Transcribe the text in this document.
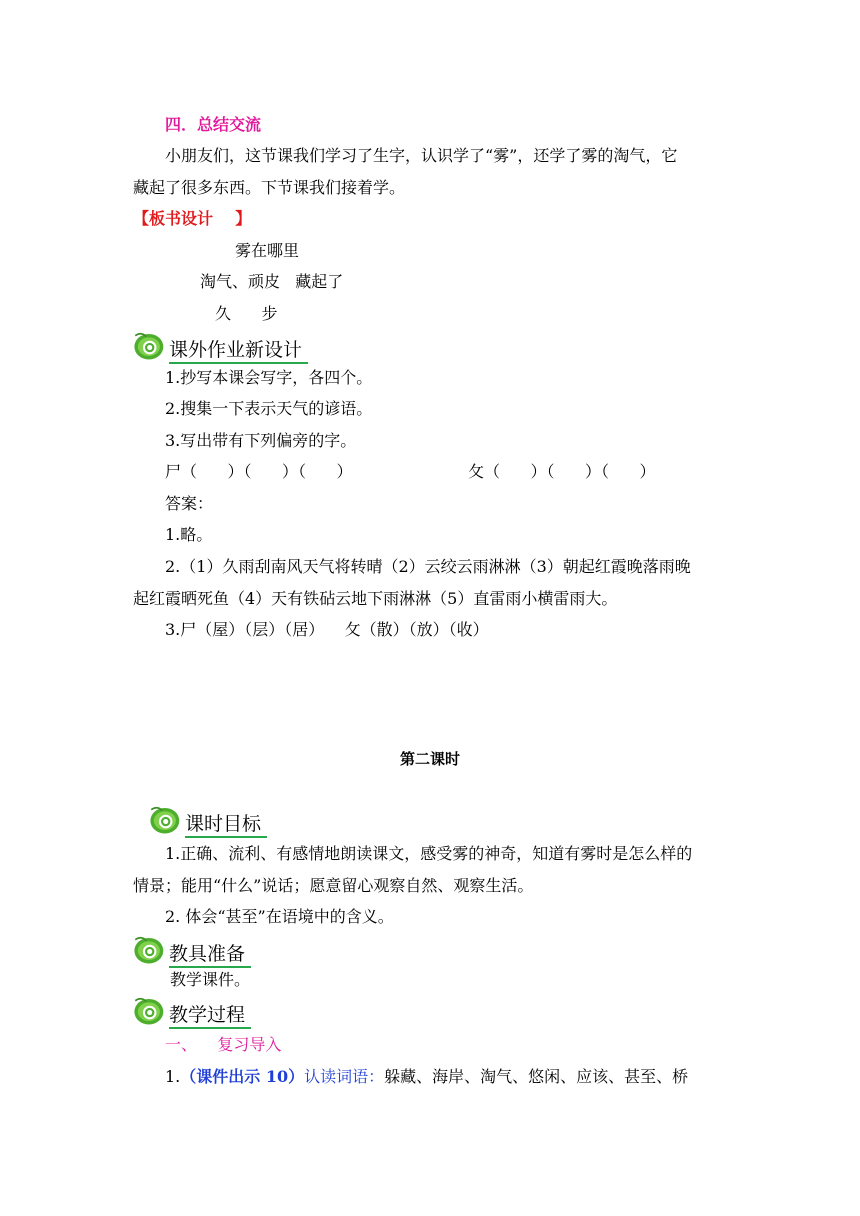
四．总结交流
小朋友们，这节课我们学习了生字，认识学了“雾”，还学了雾的淘气，它
藏起了很多东西。下节课我们接着学。
【板书设计    】
雾在哪里
淘气、顽皮   藏起了
久      步
课外作业新设计
1.抄写本课会写字，各四个。
2.搜集一下表示天气的谚语。
3.写出带有下列偏旁的字。
尸（      ）（      ）（      ）	攵（      ）（      ）（      ）
答案：
1.略。
2.（1）久雨刮南风天气将转晴（2）云绞云雨淋淋（3）朝起红霞晚落雨晚
起红霞晒死鱼（4）天有铁砧云地下雨淋淋（5）直雷雨小横雷雨大。
3.尸（屋）（层）（居）    攵（散）（放）（收）
第二课时
课时目标
1.正确、流利、有感情地朗读课文，感受雾的神奇，知道有雾时是怎么样的
情景；能用“什么”说话；愿意留心观察自然、观察生活。
2. 体会“甚至”在语境中的含义。
教具准备
教学课件。
教学过程
一、    复习导入
1.（课件出示 10）认读词语：躲藏、海岸、淘气、悠闲、应该、甚至、桥
